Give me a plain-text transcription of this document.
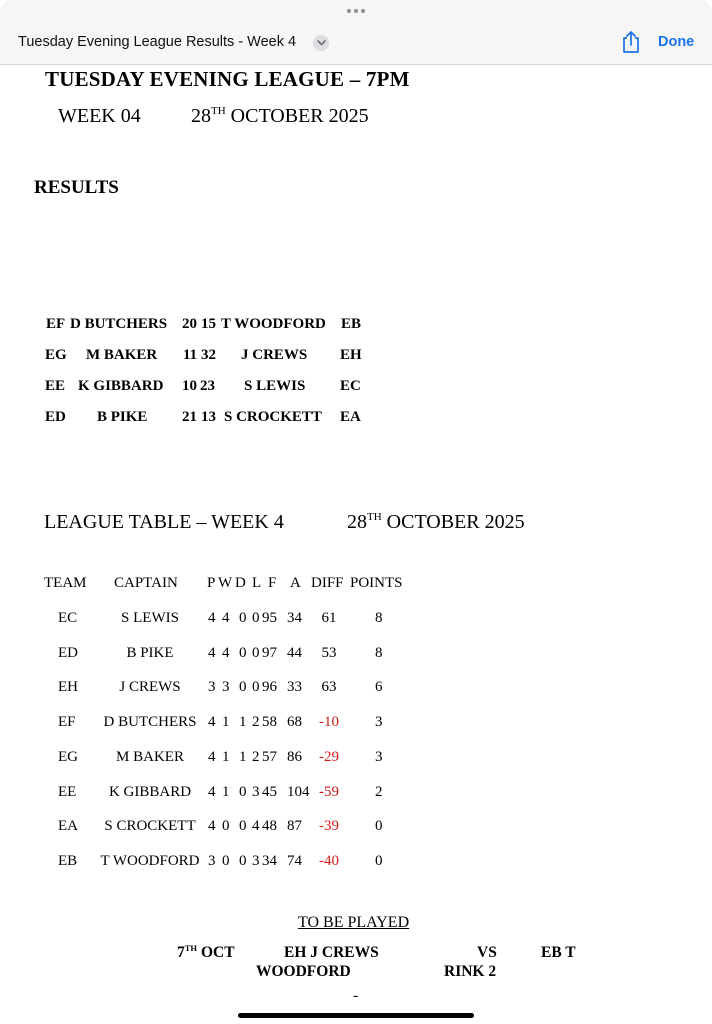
Tuesday Evening League Results - Week 4	Done
TUESDAY EVENING LEAGUE – 7PM
WEEK 04	28TH OCTOBER 2025
RESULTS
EF D BUTCHERS 20 15 T WOODFORD EB
EG M BAKER 11 32 J CREWS EH
EE K GIBBARD 10 23 S LEWIS EC
ED B PIKE 21 13 S CROCKETT EA
LEAGUE TABLE – WEEK 4	28TH OCTOBER 2025
TEAM CAPTAIN P W D L F A DIFF POINTS
EC	S LEWIS	4 4 0 0 95 34	61	8
ED	B PIKE	4 4 0 0 97 44	53	8
EH	J CREWS	3 3 0 0 96 33	63	6
EF	D BUTCHERS 4 1 1 2 58 68	-10	3
EG	M BAKER	4 1 1 2 57 86	-29	3
EE	K GIBBARD	4 1 0 3 45 104 -59	2
EA	S CROCKETT 4 0 0 4 48 87	-39	0
EB	T WOODFORD 3 0 0 3 34 74	-40	0
TO BE PLAYED
7TH OCT	EH J CREWS	VS	EB T
WOODFORD	RINK 2
-
